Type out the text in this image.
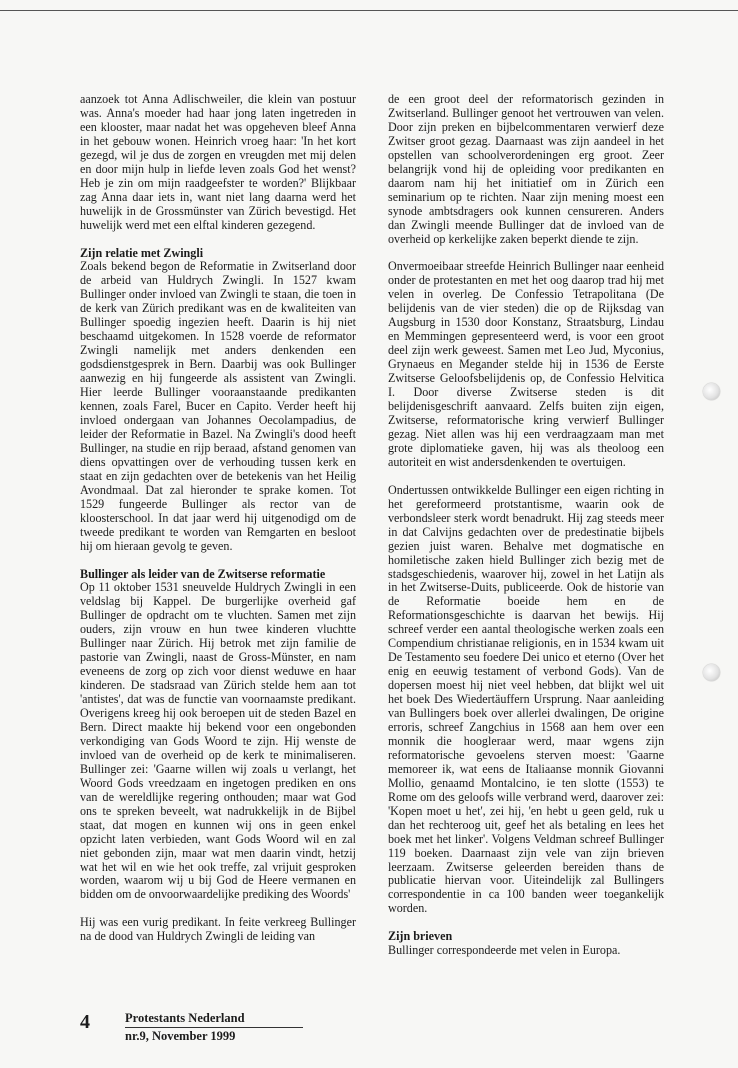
aanzoek tot Anna Adlischweiler, die klein van postuur was. Anna's moeder had haar jong laten ingetreden in een klooster, maar nadat het was opgeheven bleef Anna in het gebouw wonen. Heinrich vroeg haar: 'In het kort gezegd, wil je dus de zorgen en vreugden met mij delen en door mijn hulp in liefde leven zoals God het wenst? Heb je zin om mijn raadgeefster te worden?' Blijkbaar zag Anna daar iets in, want niet lang daarna werd het huwelijk in de Grossmünster van Zürich bevestigd. Het huwelijk werd met een elftal kinderen gezegend.

Zijn relatie met Zwingli

Zoals bekend begon de Reformatie in Zwitserland door de arbeid van Huldrych Zwingli. In 1527 kwam Bullinger onder invloed van Zwingli te staan, die toen in de kerk van Zürich predikant was en de kwaliteiten van Bullinger spoedig ingezien heeft. Daarin is hij niet beschaamd uitgekomen. In 1528 voerde de reformator Zwingli namelijk met anders denkenden een godsdienstgesprek in Bern. Daarbij was ook Bullinger aanwezig en hij fungeerde als assistent van Zwingli. Hier leerde Bullinger vooraanstaande predikanten kennen, zoals Farel, Bucer en Capito. Verder heeft hij invloed ondergaan van Johannes Oecolampadius, de leider der Reformatie in Bazel. Na Zwingli's dood heeft Bullinger, na studie en rijp beraad, afstand genomen van diens opvattingen over de verhouding tussen kerk en staat en zijn gedachten over de betekenis van het Heilig Avondmaal. Dat zal hieronder te sprake komen. Tot 1529 fungeerde Bullinger als rector van de kloosterschool. In dat jaar werd hij uitgenodigd om de tweede predikant te worden van Remgarten en besloot hij om hieraan gevolg te geven.

Bullinger als leider van de Zwitserse reformatie

Op 11 oktober 1531 sneuvelde Huldrych Zwingli in een veldslag bij Kappel. De burgerlijke overheid gaf Bullinger de opdracht om te vluchten. Samen met zijn ouders, zijn vrouw en hun twee kinderen vluchtte Bullinger naar Zürich. Hij betrok met zijn familie de pastorie van Zwingli, naast de Gross-Münster, en nam eveneens de zorg op zich voor dienst weduwe en haar kinderen. De stadsraad van Zürich stelde hem aan tot 'antistes', dat was de functie van voornaamste predikant. Overigens kreeg hij ook beroepen uit de steden Bazel en Bern. Direct maakte hij bekend voor een ongebonden verkondiging van Gods Woord te zijn. Hij wenste de invloed van de overheid op de kerk te minimaliseren. Bullinger zei: 'Gaarne willen wij zoals u verlangt, het Woord Gods vreedzaam en ingetogen prediken en ons van de wereldlijke regering onthouden; maar wat God ons te spreken beveelt, wat nadrukkelijk in de Bijbel staat, dat mogen en kunnen wij ons in geen enkel opzicht laten verbieden, want Gods Woord wil en zal niet gebonden zijn, maar wat men daarin vindt, hetzij wat het wil en wie het ook treffe, zal vrijuit gesproken worden, waarom wij u bij God de Heere vermanen en bidden om de onvoorwaardelijke prediking des Woords'

Hij was een vurig predikant. In feite verkreeg Bullinger na de dood van Huldrych Zwingli de leiding van

de een groot deel der reformatorisch gezinden in Zwitserland. Bullinger genoot het vertrouwen van velen. Door zijn preken en bijbelcommentaren verwierf deze Zwitser groot gezag. Daarnaast was zijn aandeel in het opstellen van schoolverordeningen erg groot. Zeer belangrijk vond hij de opleiding voor predikanten en daarom nam hij het initiatief om in Zürich een seminarium op te richten. Naar zijn mening moest een synode ambtsdragers ook kunnen censureren. Anders dan Zwingli meende Bullinger dat de invloed van de overheid op kerkelijke zaken beperkt diende te zijn.

Onvermoeibaar streefde Heinrich Bullinger naar eenheid onder de protestanten en met het oog daarop trad hij met velen in overleg. De Confessio Tetrapolitana (De belijdenis van de vier steden) die op de Rijksdag van Augsburg in 1530 door Konstanz, Straatsburg, Lindau en Memmingen gepresenteerd werd, is voor een groot deel zijn werk geweest. Samen met Leo Jud, Myconius, Grynaeus en Megander stelde hij in 1536 de Eerste Zwitserse Geloofsbelijdenis op, de Confessio Helvitica I. Door diverse Zwitserse steden is dit belijdenisgeschrift aanvaard. Zelfs buiten zijn eigen, Zwitserse, reformatorische kring verwierf Bullinger gezag. Niet allen was hij een verdraagzaam man met grote diplomatieke gaven, hij was als theoloog een autoriteit en wist andersdenkenden te overtuigen.

Ondertussen ontwikkelde Bullinger een eigen richting in het gereformeerd protstantisme, waarin ook de verbondsleer sterk wordt benadrukt. Hij zag steeds meer in dat Calvijns gedachten over de predestinatie bijbels gezien juist waren. Behalve met dogmatische en homiletische zaken hield Bullinger zich bezig met de stadsgeschiedenis, waarover hij, zowel in het Latijn als in het Zwitserse-Duits, publiceerde. Ook de historie van de Reformatie boeide hem en de Reformationsgeschichte is daarvan het bewijs. Hij schreef verder een aantal theologische werken zoals een Compendium christianae religionis, en in 1534 kwam uit De Testamento seu foedere Dei unico et eterno (Over het enig en eeuwig testament of verbond Gods). Van de dopersen moest hij niet veel hebben, dat blijkt wel uit het boek Des Wiedertäuffern Ursprung. Naar aanleiding van Bullingers boek over allerlei dwalingen, De origine erroris, schreef Zangchius in 1568 aan hem over een monnik die hoogleraar werd, maar wgens zijn reformatorische gevoelens sterven moest: 'Gaarne memoreer ik, wat eens de Italiaanse monnik Giovanni Mollio, genaamd Montalcino, ie ten slotte (1553) te Rome om des geloofs wille verbrand werd, daarover zei: 'Kopen moet u het', zei hij, 'en hebt u geen geld, ruk u dan het rechteroog uit, geef het als betaling en lees het boek met het linker'. Volgens Veldman schreef Bullinger 119 boeken. Daarnaast zijn vele van zijn brieven leerzaam. Zwitserse geleerden bereiden thans de publicatie hiervan voor. Uiteindelijk zal Bullingers correspondentie in ca 100 banden weer toegankelijk worden.

Zijn brieven

Bullinger correspondeerde met velen in Europa.

4	Protestants Nederland
nr.9, November 1999
